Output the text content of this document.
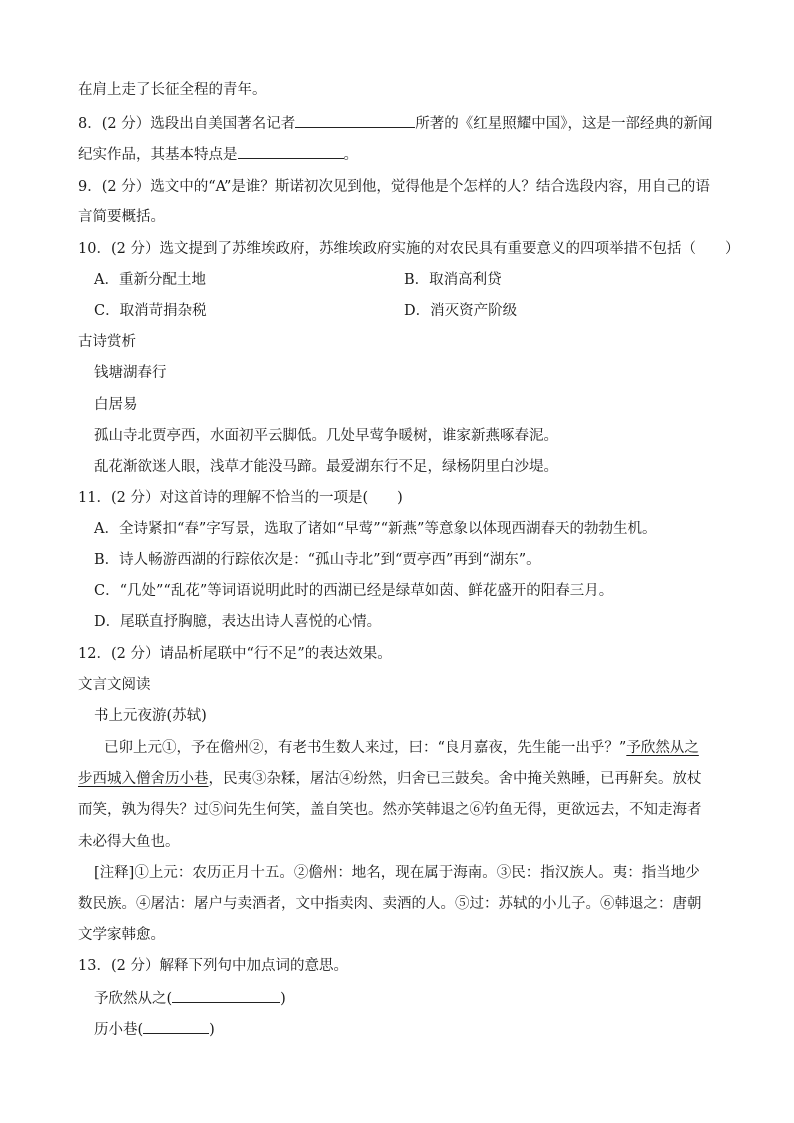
在肩上走了长征全程的青年。
8．(2 分）选段出自美国著名记者	所著的《红星照耀中国》，这是一部经典的新闻
纪实作品，其基本特点是	。
9．(2 分）选文中的“A”是谁？斯诺初次见到他，觉得他是个怎样的人？结合选段内容，用自己的语
言简要概括。
10．(2 分）选文提到了苏维埃政府，苏维埃政府实施的对农民具有重要意义的四项举措不包括（　　）
A．重新分配土地	B．取消高利贷
C．取消苛捐杂税	D．消灭资产阶级
古诗赏析
钱塘湖春行
白居易
孤山寺北贾亭西，水面初平云脚低。几处早莺争暖树，谁家新燕啄春泥。
乱花渐欲迷人眼，浅草才能没马蹄。最爱湖东行不足，绿杨阴里白沙堤。
11．(2 分）对这首诗的理解不恰当的一项是(　　)
A．全诗紧扣“春”字写景，选取了诸如“早莺”“新燕”等意象以体现西湖春天的勃勃生机。
B．诗人畅游西湖的行踪依次是：“孤山寺北”到“贾亭西”再到“湖东”。
C．“几处”“乱花”等词语说明此时的西湖已经是绿草如茵、鲜花盛开的阳春三月。
D．尾联直抒胸臆，表达出诗人喜悦的心情。
12．(2 分）请品析尾联中“行不足”的表达效果。
文言文阅读
书上元夜游(苏轼)
已卯上元①，予在儋州②，有老书生数人来过，曰：“良月嘉夜，先生能一出乎？”予欣然从之
步西城入僧舍历小巷，民夷③杂糅，屠沽④纷然，归舍已三鼓矣。舍中掩关熟睡，已再鼾矣。放杖
而笑，孰为得失？过⑤问先生何笑，盖自笑也。然亦笑韩退之⑥钓鱼无得，更欲远去，不知走海者
未必得大鱼也。
[注释]①上元：农历正月十五。②儋州：地名，现在属于海南。③民：指汉族人。夷：指当地少
数民族。④屠沽：屠户与卖酒者，文中指卖肉、卖酒的人。⑤过：苏轼的小儿子。⑥韩退之：唐朝
文学家韩愈。
13．(2 分）解释下列句中加点词的意思。
予欣然从之(	)
历小巷(	)
